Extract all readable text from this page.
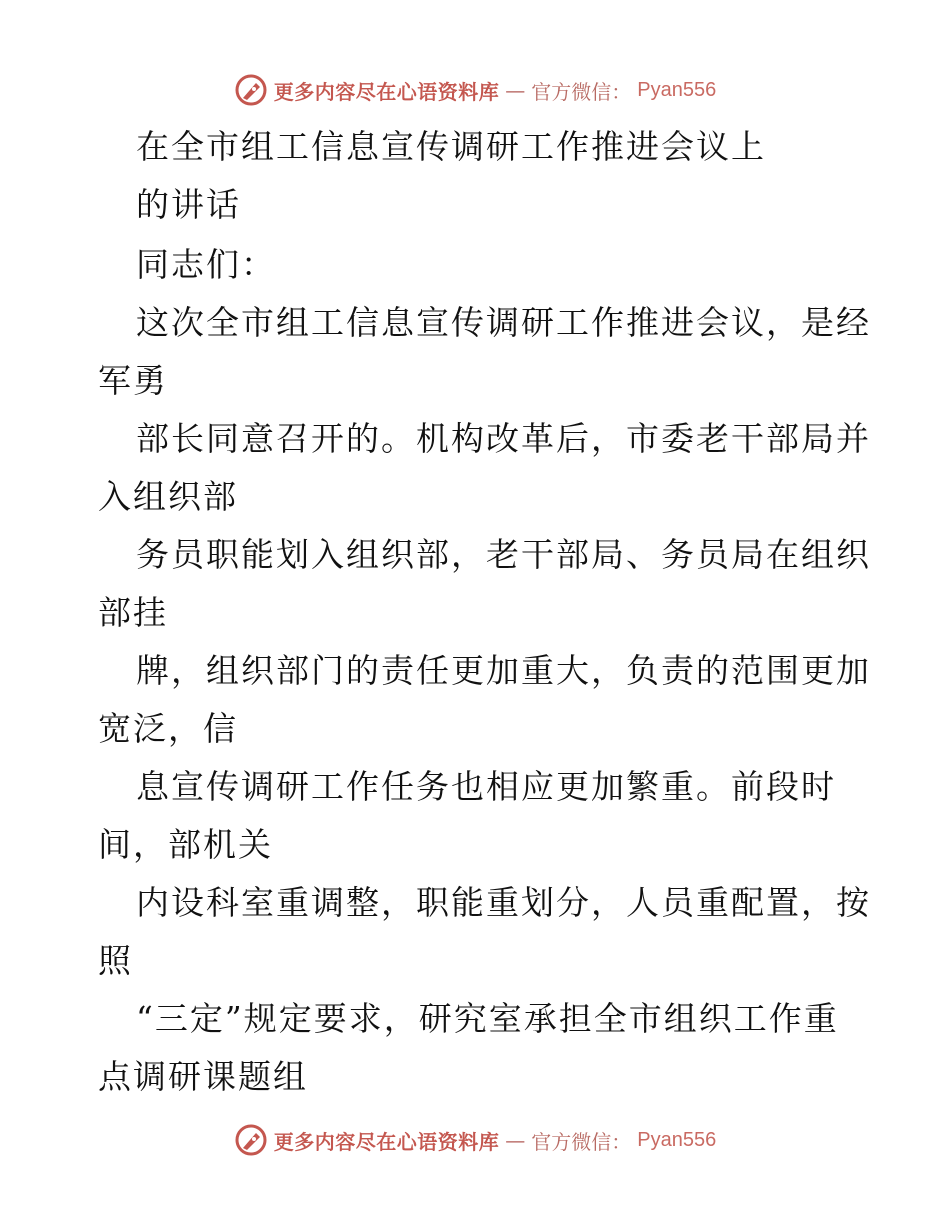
更多内容尽在心语资料库 — 官方微信： Pyan556
在全市组工信息宣传调研工作推进会议上
的讲话
同志们：
这次全市组工信息宣传调研工作推进会议，是经
军勇
部长同意召开的。机构改革后，市委老干部局并
入组织部
务员职能划入组织部，老干部局、务员局在组织
部挂
牌，组织部门的责任更加重大，负责的范围更加
宽泛，信
息宣传调研工作任务也相应更加繁重。前段时
间，部机关
内设科室重调整，职能重划分，人员重配置，按
照
“三定”规定要求，研究室承担全市组织工作重
点调研课题组
更多内容尽在心语资料库 — 官方微信： Pyan556
